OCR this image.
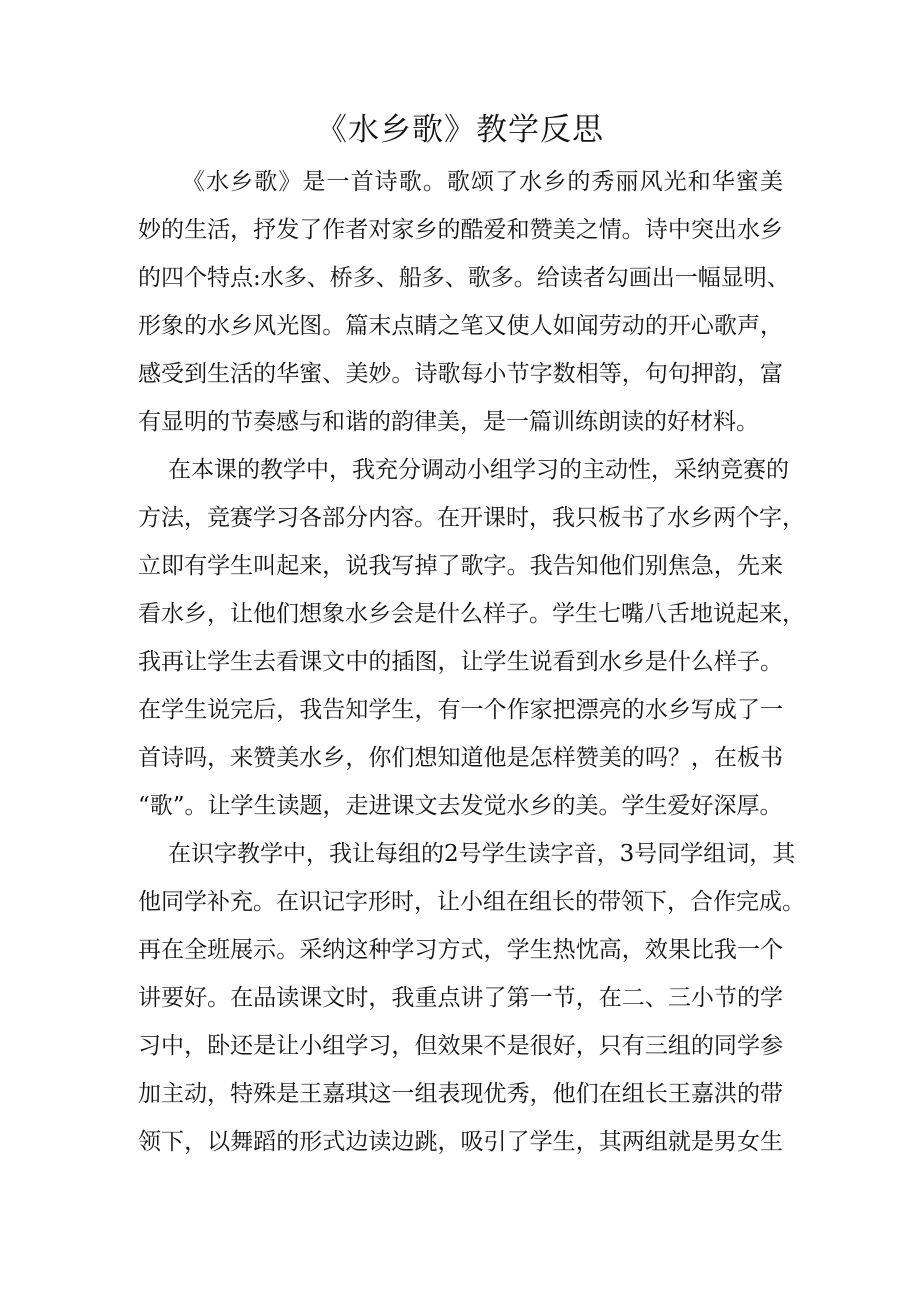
《水乡歌》教学反思
《水乡歌》是一首诗歌。歌颂了水乡的秀丽风光和华蜜美
妙的生活，抒发了作者对家乡的酷爱和赞美之情。诗中突出水乡
的四个特点:水多、桥多、船多、歌多。给读者勾画出一幅显明、
形象的水乡风光图。篇末点睛之笔又使人如闻劳动的开心歌声，
感受到生活的华蜜、美妙。诗歌每小节字数相等，句句押韵，富
有显明的节奏感与和谐的韵律美，是一篇训练朗读的好材料。
在本课的教学中，我充分调动小组学习的主动性，采纳竞赛的
方法，竞赛学习各部分内容。在开课时，我只板书了水乡两个字，
立即有学生叫起来，说我写掉了歌字。我告知他们别焦急，先来
看水乡，让他们想象水乡会是什么样子。学生七嘴八舌地说起来，
我再让学生去看课文中的插图，让学生说看到水乡是什么样子。
在学生说完后，我告知学生，有一个作家把漂亮的水乡写成了一
首诗吗，来赞美水乡，你们想知道他是怎样赞美的吗？，在板书
“歌”。让学生读题，走进课文去发觉水乡的美。学生爱好深厚。
在识字教学中，我让每组的2号学生读字音，3号同学组词，其
他同学补充。在识记字形时，让小组在组长的带领下，合作完成。
再在全班展示。采纳这种学习方式，学生热忱高，效果比我一个
讲要好。在品读课文时，我重点讲了第一节，在二、三小节的学
习中，卧还是让小组学习，但效果不是很好，只有三组的同学参
加主动，特殊是王嘉琪这一组表现优秀，他们在组长王嘉洪的带
领下，以舞蹈的形式边读边跳，吸引了学生，其两组就是男女生
